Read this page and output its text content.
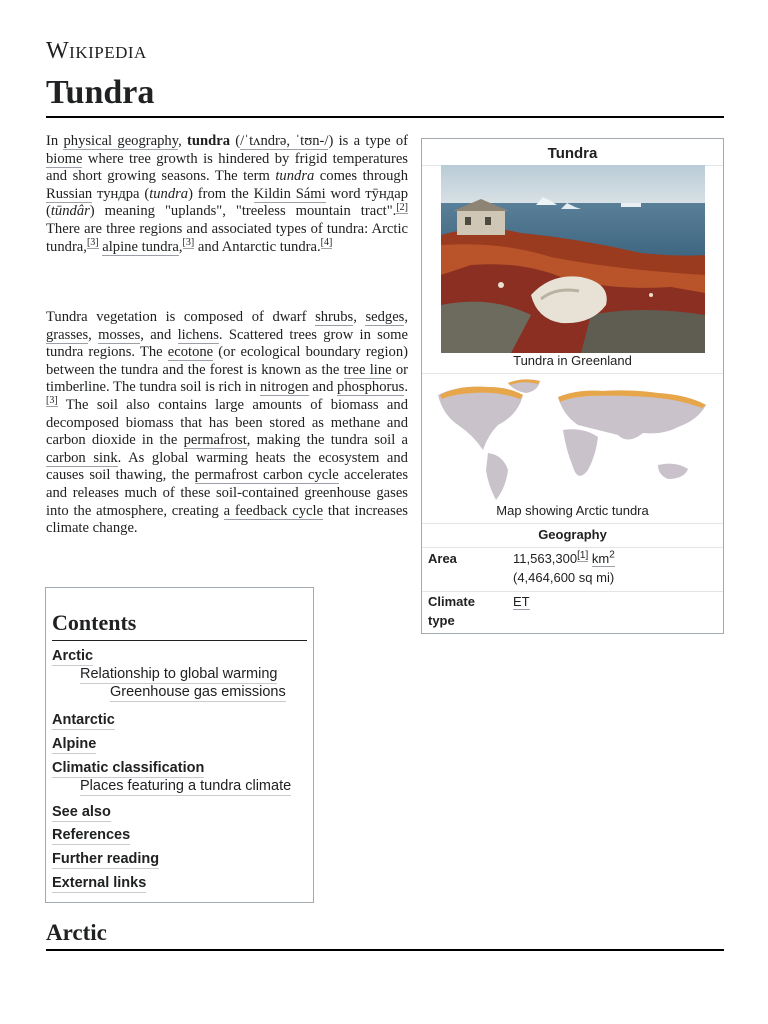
Wikipedia
Tundra

In physical geography, tundra (/ˈtʌndrə, ˈtʊn-/) is a type of biome where tree growth is hindered by frigid temperatures and short growing seasons. The term tundra comes through Russian тундра (tundra) from the Kildin Sámi word тӯндар (tūndâr) meaning "uplands", "treeless mountain tract".[2] There are three regions and associated types of tundra: Arctic tundra,[3] alpine tundra,[3] and Antarctic tundra.[4]

Tundra vegetation is composed of dwarf shrubs, sedges, grasses, mosses, and lichens. Scattered trees grow in some tundra regions. The ecotone (or ecological boundary region) between the tundra and the forest is known as the tree line or timberline. The tundra soil is rich in nitrogen and phosphorus.[3] The soil also contains large amounts of biomass and decomposed biomass that has been stored as methane and carbon dioxide in the permafrost, making the tundra soil a carbon sink. As global warming heats the ecosystem and causes soil thawing, the permafrost carbon cycle accelerates and releases much of these soil-contained greenhouse gases into the atmosphere, creating a feedback cycle that increases climate change.

Tundra
Tundra in Greenland
Map showing Arctic tundra
Geography
Area	11,563,300[1] $km^2$
(4,464,600 sq mi)
Climate
type
ET
Contents
Arctic
Relationship to global warming
Greenhouse gas emissions
Antarctic
Alpine
Climatic classification
Places featuring a tundra climate
See also
References
Further reading
External links
Arctic
